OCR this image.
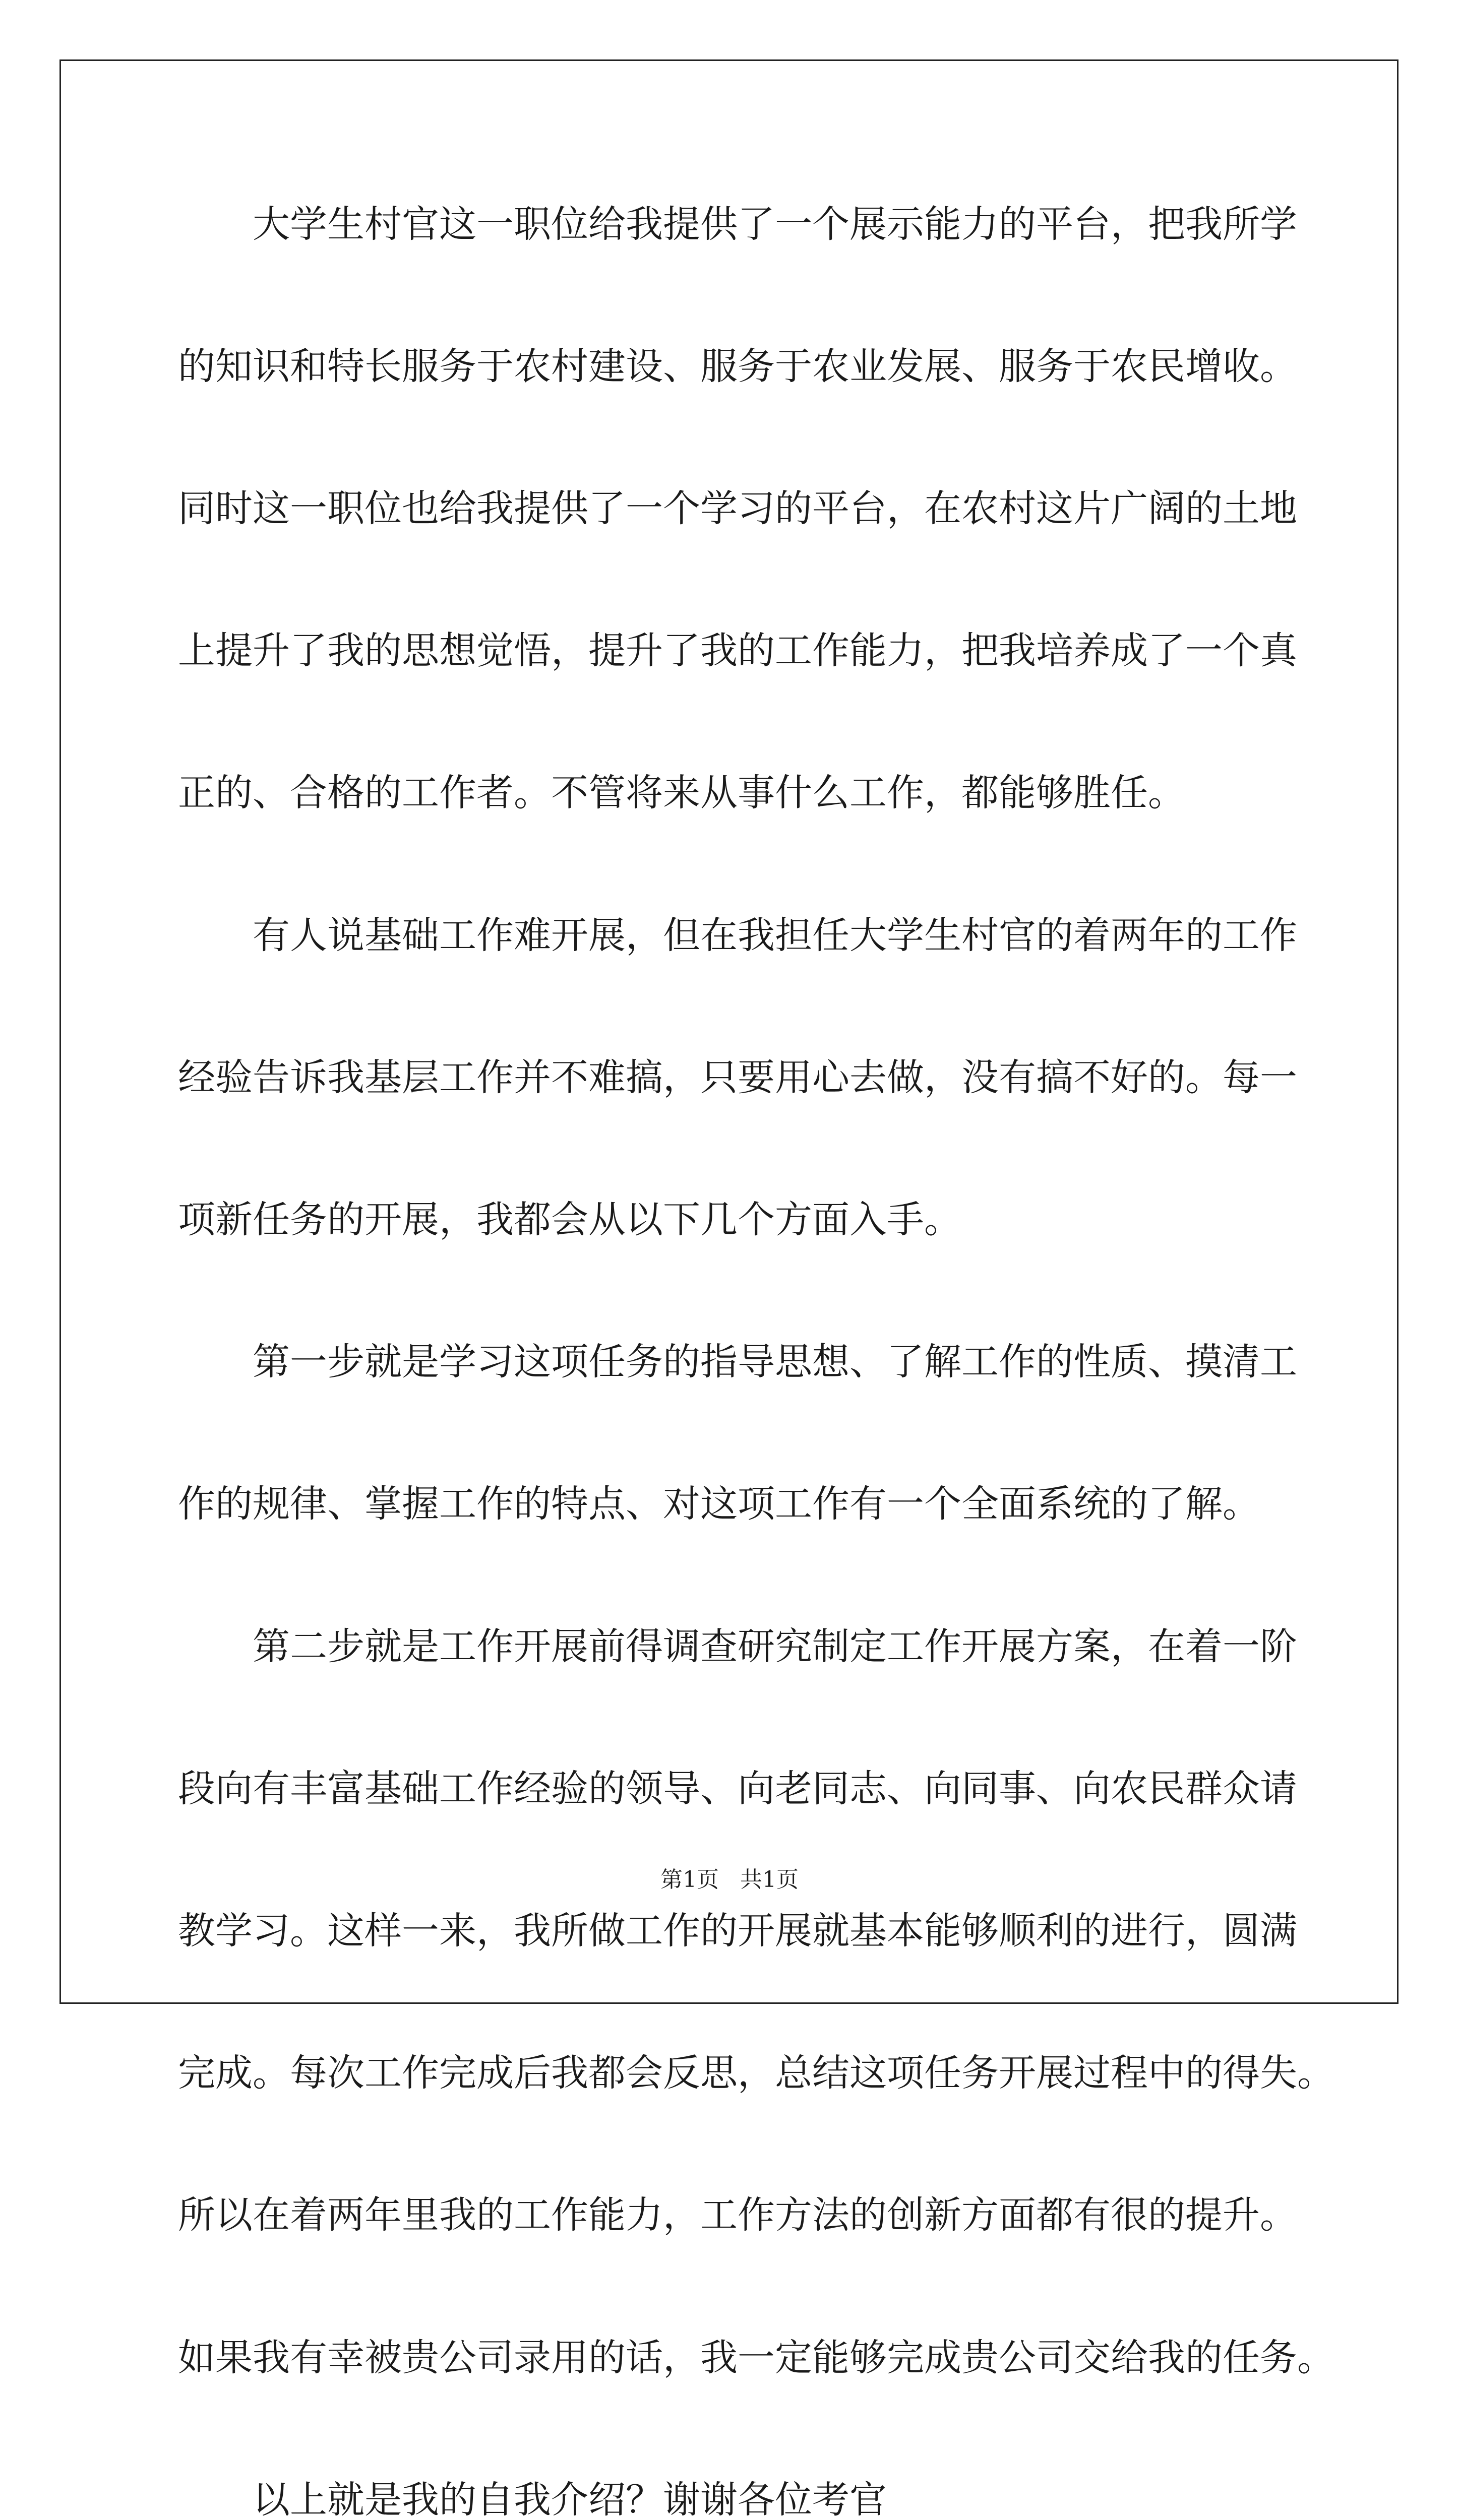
大学生村官这一职位给我提供了一个展示能力的平台，把我所学
的知识和特长服务于农村建设、服务于农业发展、服务于农民增收。
同时这一职位也给我提供了一个学习的平台，在农村这片广阔的土地
上提升了我的思想觉悟，提升了我的工作能力，把我培养成了一个真
正的、合格的工作者。不管将来从事什么工作，都能够胜任。
有人说基础工作难开展，但在我担任大学生村官的着两年的工作
经验告诉我基层工作并不难搞，只要用心去做，没有搞不好的。每一
项新任务的开展，我都会从以下几个方面入手。
第一步就是学习这项任务的指导思想、了解工作的性质、摸清工
作的规律、掌握工作的特点、对这项工作有一个全面系统的了解。
第二步就是工作开展前得调查研究制定工作开展方案，在着一阶
段向有丰富基础工作经验的领导、向老同志、向同事、向农民群众请
教学习。这样一来，我所做工作的开展就基本能够顺利的进行，圆满
完成。每次工作完成后我都会反思，总结这项任务开展过程中的得失。
所以在着两年里我的工作能力，工作方法的创新方面都有很的提升。
如果我有幸被贵公司录用的话，我一定能够完成贵公司交给我的任务。
以上就是我的自我介绍？谢谢各位考官
第1页   共1页
